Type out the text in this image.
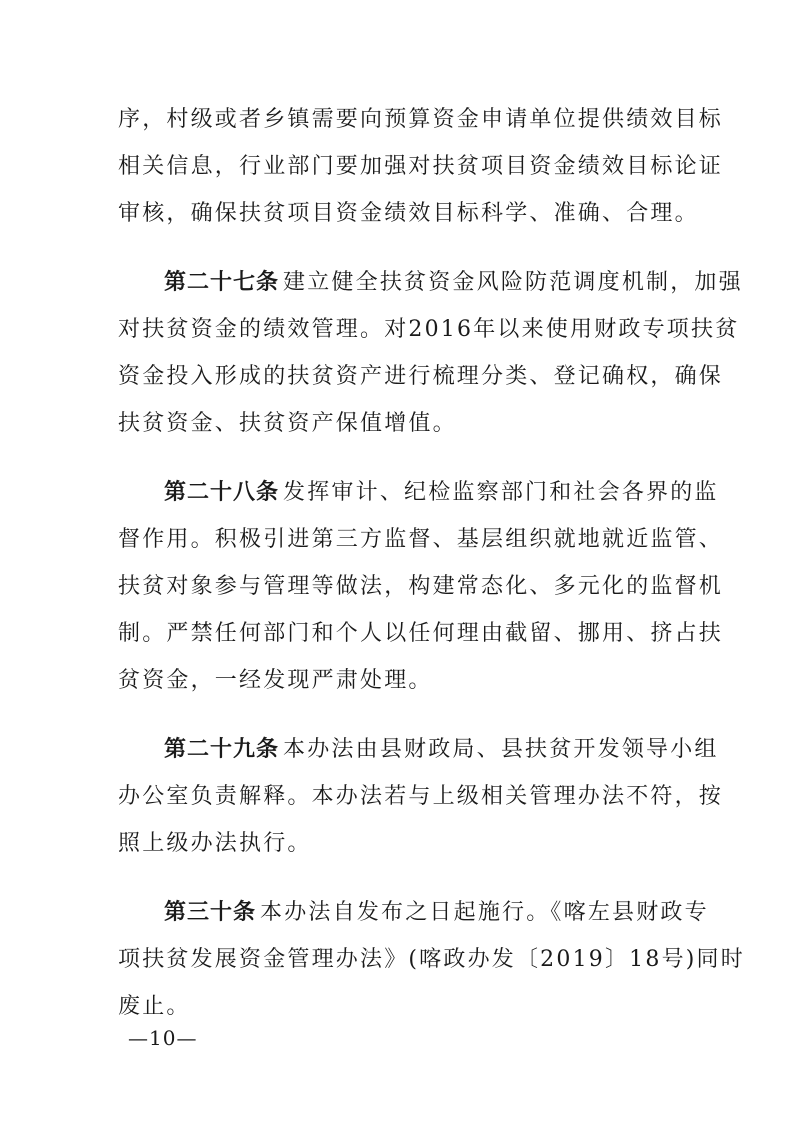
序，村级或者乡镇需要向预算资金申请单位提供绩效目标
相关信息，行业部门要加强对扶贫项目资金绩效目标论证
审核，确保扶贫项目资金绩效目标科学、准确、合理。
第二十七条 建立健全扶贫资金风险防范调度机制，加强
对扶贫资金的绩效管理。对2016年以来使用财政专项扶贫
资金投入形成的扶贫资产进行梳理分类、登记确权，确保
扶贫资金、扶贫资产保值增值。
第二十八条 发挥审计、纪检监察部门和社会各界的监
督作用。积极引进第三方监督、基层组织就地就近监管、
扶贫对象参与管理等做法，构建常态化、多元化的监督机
制。严禁任何部门和个人以任何理由截留、挪用、挤占扶
贫资金，一经发现严肃处理。
第二十九条 本办法由县财政局、县扶贫开发领导小组
办公室负责解释。本办法若与上级相关管理办法不符，按
照上级办法执行。
第三十条 本办法自发布之日起施行。《喀左县财政专
项扶贫发展资金管理办法》(喀政办发〔2019〕18号)同时
废止。
—10—
